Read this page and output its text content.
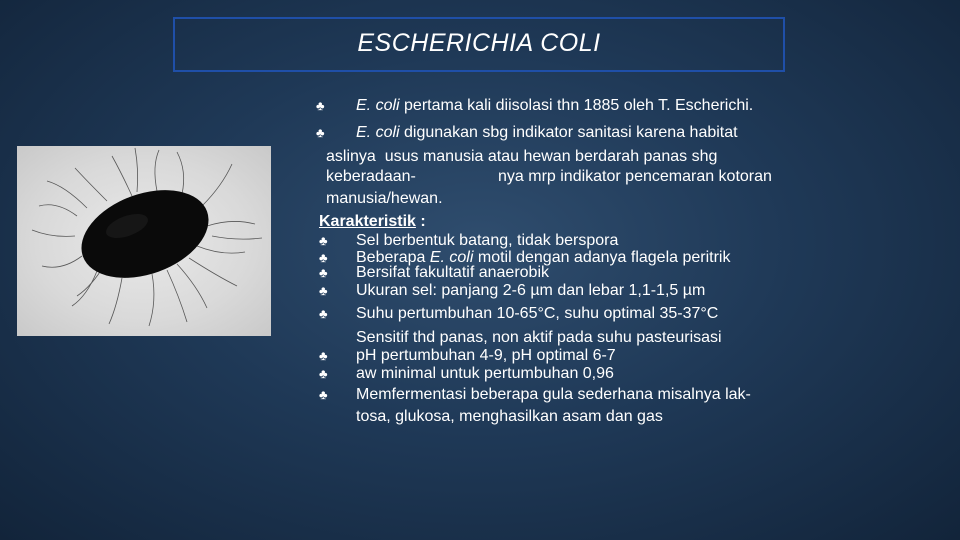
ESCHERICHIA COLI
♣ E. coli pertama kali diisolasi thn 1885 oleh T. Escherichi.
♣ E. coli digunakan sbg indikator sanitasi karena habitat
aslinya  usus manusia atau hewan berdarah panas shg
keberadaan-	nya mrp indikator pencemaran kotoran
manusia/hewan.
Karakteristik :
♣ Sel berbentuk batang, tidak berspora
♣ Beberapa E. coli motil dengan adanya flagela peritrik
♣ Bersifat fakultatif anaerobik
♣ Ukuran sel: panjang 2-6 µm dan lebar 1,1-1,5 µm
♣ Suhu pertumbuhan 10-65°C, suhu optimal 35-37°C
Sensitif thd panas, non aktif pada suhu pasteurisasi
♣ pH pertumbuhan 4-9, pH optimal 6-7
♣ aw minimal untuk pertumbuhan 0,96
♣ Memfermentasi beberapa gula sederhana misalnya lak-
tosa, glukosa, menghasilkan asam dan gas
